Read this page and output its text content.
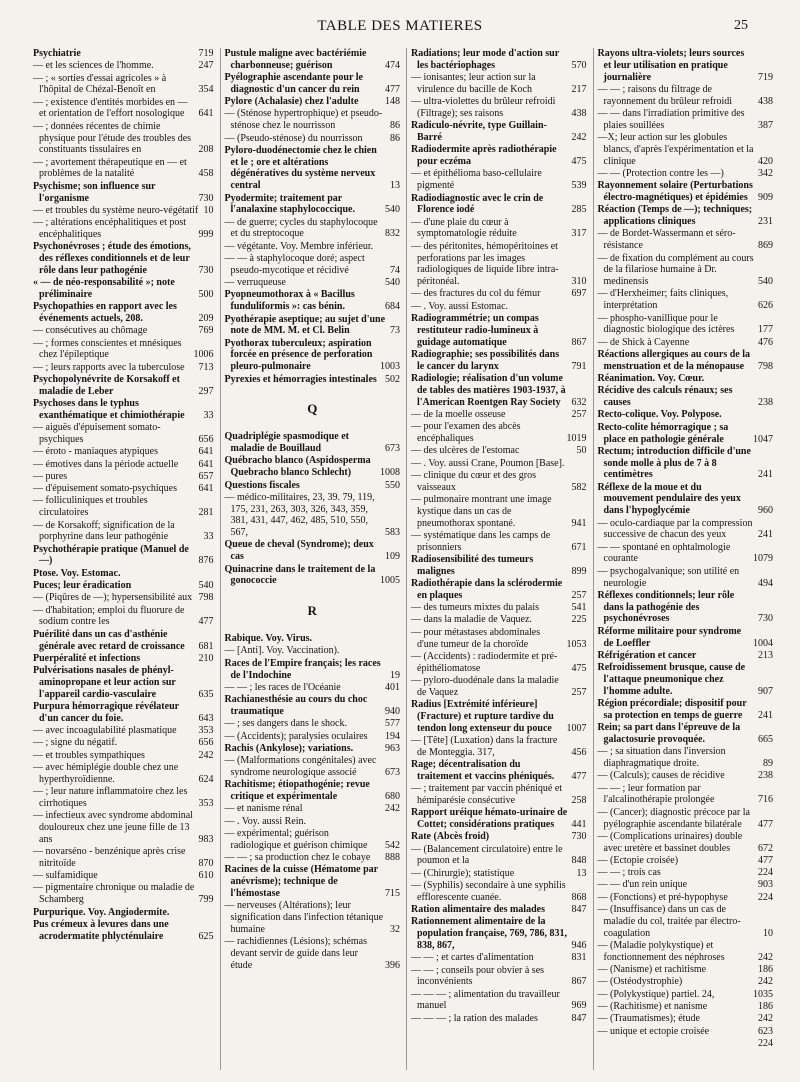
TABLE DES MATIERES	25
Psychiatrie	719
— et les sciences de l'homme.	247
— ; « sorties d'essai agricoles » à l'hôpital de Chézal-Benoît en	354
— ; existence d'entités morbides en — et orientation de l'effort nosologique	641
— ; données récentes de chimie physique pour l'étude des troubles des constituants tissulaires en	208
— ; avortement thérapeutique en — et problèmes de la natalité	458
Psychisme; son influence sur l'organisme	730
— et troubles du système neuro-végétatif 10
— ; altérations encéphalitiques et post encéphalitiques	999
Psychonévroses ; étude des émotions, des réflexes conditionnels et de leur rôle dans leur pathogénie	730
« — de néo-responsabilité »; note préliminaire	500
Psychopathies en rapport avec les événements actuels, 208.	209
— consécutives au chômage	769
— ; formes conscientes et mnésiques chez l'épileptique	1006
— ; leurs rapports avec la tuberculose	713
Psychopolynévrite de Korsakoff et maladie de Leber	297
Psychoses dans le typhus exanthématique et chimiothérapie	33
— aiguës d'épuisement somato-psychiques	656
— éroto - maniaques atypiques	641
— émotives dans la période actuelle	641
— pures	657
— d'épuisement somato-psychiques	641
— folliculiniques et troubles circulatoires	281
— de Korsakoff; signification de la porphyrine dans leur pathogénie	33
Psychothérapie pratique (Manuel de —)	876
Ptose. Voy. Estomac.
Puces; leur éradication	540
— (Piqûres de —); hypersensibilité aux 798
— d'habitation; emploi du fluorure de sodium contre les	477
Puérilité dans un cas d'asthénie générale avec retard de croissance	681
Puerpéralité et infections	210
Pulvérisations nasales de phényl-aminopropane et leur action sur l'appareil cardio-vasculaire	635
Purpura hémorragique révélateur d'un cancer du foie.	643
— avec incoagulabilité plasmatique	353
— ; signe du négatif.	656
— et troubles sympathiques	242
— avec hémiplégie double chez une hyperthyroïdienne.	624
— ; leur nature inflammatoire chez les cirrhotiques	353
— infectieux avec syndrome abdominal douloureux chez une jeune fille de 13 ans	983
— novarséno - benzénique après crise nitritoïde	870
— sulfamidique	610
— pigmentaire chronique ou maladie de Schamberg	799
Purpurique. Voy. Angiodermite.
Pus crémeux à levures dans une acrodermatite phlycténulaire	625
Pustule maligne avec bactériémie charbonneuse; guérison	474
Pyélographie ascendante pour le diagnostic d'un cancer du rein	477
Pylore (Achalasie) chez l'adulte	148
— (Sténose hypertrophique) et pseudo-sténose chez le nourrisson	86
— (Pseudo-sténose) du nourrisson	86
Pyloro-duodénectomie chez le chien et le ; ore et altérations dégénératives du système nerveux central	13
Pyodermite; traitement par l'analaxine staphylococcique.	540
— de guerre; cycles du staphylocoque et du streptocoque	832
— végétante. Voy. Membre inférieur.
— — à staphylocoque doré; aspect pseudo-mycotique et récidivé	74
— verruqueuse	540
Pyopneumothorax à « Bacillus funduliformis »: cas bénin.	684
Pyothérapie aseptique; au sujet d'une note de MM. M. et Cl. Belin	73
Pyothorax tuberculeux; aspiration forcée en présence de perforation pleuro-pulmonaire	1003
Pyrexies et hémorragies intestinales 502
Q
Quadriplégie spasmodique et maladie de Bouillaud	673
Québracho blanco (Aspidosperma Quebracho blanco Schlecht)	1008
Questions fiscales	550
— médico-militaires, 23, 39. 79, 119, 175, 231, 263, 303, 326, 343, 359, 381, 431, 447, 462, 485, 510, 550, 567,	583
Queue de cheval (Syndrome); deux cas	109
Quinacrine dans le traitement de la gonococcie	1005
R
Rabique. Voy. Virus.
— [Anti]. Voy. Vaccination).
Races de l'Empire français; les races de l'Indochine	19
— — ; les races de l'Océanie	401
Rachianesthésie au cours du choc traumatique	940
— ; ses dangers dans le shock.	577
— (Accidents); paralysies oculaires	194
Rachis (Ankylose); variations.	963
— (Malformations congénitales) avec syndrome neurologique associé	673
Rachitisme; étiopathogénie; revue critique et expérimentale	680
— et nanisme rénal	242
— . Voy. aussi Rein.
— expérimental; guérison radiologique et guérison chimique	542
— — ; sa production chez le cobaye	888
Racines de la cuisse (Hématome par anévrisme); technique de l'hémostase	715
— nerveuses (Altérations); leur signification dans l'infection tétanique humaine	32
— rachidiennes (Lésions); schémas devant servir de guide dans leur étude	396
Radiations; leur mode d'action sur les bactériophages	570
— ionisantes; leur action sur la virulence du bacille de Koch	217
— ultra-violettes du brûleur refroidi (Filtrage); ses raisons	438
Radiculo-névrite, type Guillain-Barré	242
Radiodermite après radiothérapie pour eczéma	475
— et épithélioma baso-cellulaire pigmenté	539
Radiodiagnostic avec le crin de Florence iodé	285
— d'une plaie du cœur à symptomatologie réduite	317
— des péritonites, hémopéritoines et perforations par les images radiologiques de liquide libre intra-péritonéal.	310
— des fractures du col du fémur	697
— . Voy. aussi Estomac.
Radiogrammétrie; un compas restituteur radio-lumineux à guidage automatique	867
Radiographie; ses possibilités dans le cancer du larynx	791
Radiologie; réalisation d'un volume de tables des matières 1903-1937, à l'American Roentgen Ray Society	632
— de la moelle osseuse	257
— pour l'examen des abcès encéphaliques	1019
— des ulcères de l'estomac	50
— . Voy. aussi Crane, Poumon [Base].
— clinique du cœur et des gros vaisseaux	582
— pulmonaire montrant une image kystique dans un cas de pneumothorax spontané.	941
— systématique dans les camps de prisonniers	671
Radiosensibilité des tumeurs malignes	899
Radiothérapie dans la sclérodermie en plaques	257
— des tumeurs mixtes du palais	541
— dans la maladie de Vaquez.	225
— pour métastases abdominales d'une tumeur de la choroïde	1053
— (Accidents) : radiodermite et pré-épithéliomatose	475
— pyloro-duodénale dans la maladie de Vaquez	257
Radius [Extrémité inférieure] (Fracture) et rupture tardive du tendon long extenseur du pouce	1007
— [Tête] (Luxation) dans la fracture de Monteggia. 317,	456
Rage; décentralisation du traitement et vaccins phéniqués.	477
— ; traitement par vaccin phéniqué et hémiparésie consécutive	258
Rapport uréique hémato-urinaire de Cottet; considérations pratiques	441
Rate (Abcès froid)	730
— (Balancement circulatoire) entre le poumon et la	848
— (Chirurgie); statistique	13
— (Syphilis) secondaire à une syphilis efflorescente cuanée.	868
Ration alimentaire des malades	847
Rationnement alimentaire de la population française, 769, 786, 831, 838, 867,	946
— — ; et cartes d'alimentation	831
— — ; conseils pour obvier à ses inconvénients	867
— — — ; alimentation du travailleur manuel	969
— — — ; la ration des malades	847
Rayons ultra-violets; leurs sources et leur utilisation en pratique journalière	719
— — ; raisons du filtrage de rayonnement du brûleur refroidi	438
— — dans l'irradiation primitive des plaies souillées	387
—X; leur action sur les globules blancs, d'après l'expérimentation et la clinique	420
— — (Protection contre les —)	342
Rayonnement solaire (Perturbations électro-magnétiques) et épidémies	909
Réaction (Temps de —); techniques; applications cliniques	231
— de Bordet-Wassermann et séro-résistance	869
— de fixation du complément au cours de la filariose humaine à Dr. medinensis	540
— d'Herxheimer; faits cliniques, interprétation	626
— phospho-vanillique pour le diagnostic biologique des ictères	177
— de Shick à Cayenne	476
Réactions allergiques au cours de la menstruation et de la ménopause	798
Réanimation. Voy. Cœur.
Récidive des calculs rénaux; ses causes	238
Recto-colique. Voy. Polypose.
Recto-colite hémorragique ; sa place en pathologie générale	1047
Rectum; introduction difficile d'une sonde molle à plus de 7 à 8 centimètres	241
Réflexe de la moue et du mouvement pendulaire des yeux dans l'hypoglycémie	960
— oculo-cardiaque par la compression successive de chacun des yeux	241
— — spontané en ophtalmologie courante	1079
— psychogalvanique; son utilité en neurologie	494
Réflexes conditionnels; leur rôle dans la pathogénie des psychonévroses	730
Réforme militaire pour syndrome de Loeffler	1004
Réfrigération et cancer	213
Refroidissement brusque, cause de l'attaque pneumonique chez l'homme adulte.	907
Région précordiale; dispositif pour sa protection en temps de guerre	241
Rein; sa part dans l'épreuve de la galactosurie provoquée.	665
— ; sa situation dans l'inversion diaphragmatique droite.	89
— (Calculs); causes de récidive	238
— — ; leur formation par l'alcalinothérapie prolongée	716
— (Cancer); diagnostic précoce par la pyélographie ascendante bilatérale	477
— (Complications urinaires) double avec uretère et bassinet doubles	672
— (Ectopie croisée)	477
— — ; trois cas	224
— — d'un rein unique	903
— (Fonctions) et pré-hypophyse	224
— (Insuffisance) dans un cas de maladie du col, traitée par électro-coagulation	10
— (Maladie polykystique) et fonctionnement des néphroses	242
— (Nanisme) et rachitisme	186
— (Ostéodystrophie)	242
— (Polykystique) partiel. 24,	1035
— (Rachitisme) et nanisme	186
— (Traumatismes); étude	242
— unique et ectopie croisée	623
224
